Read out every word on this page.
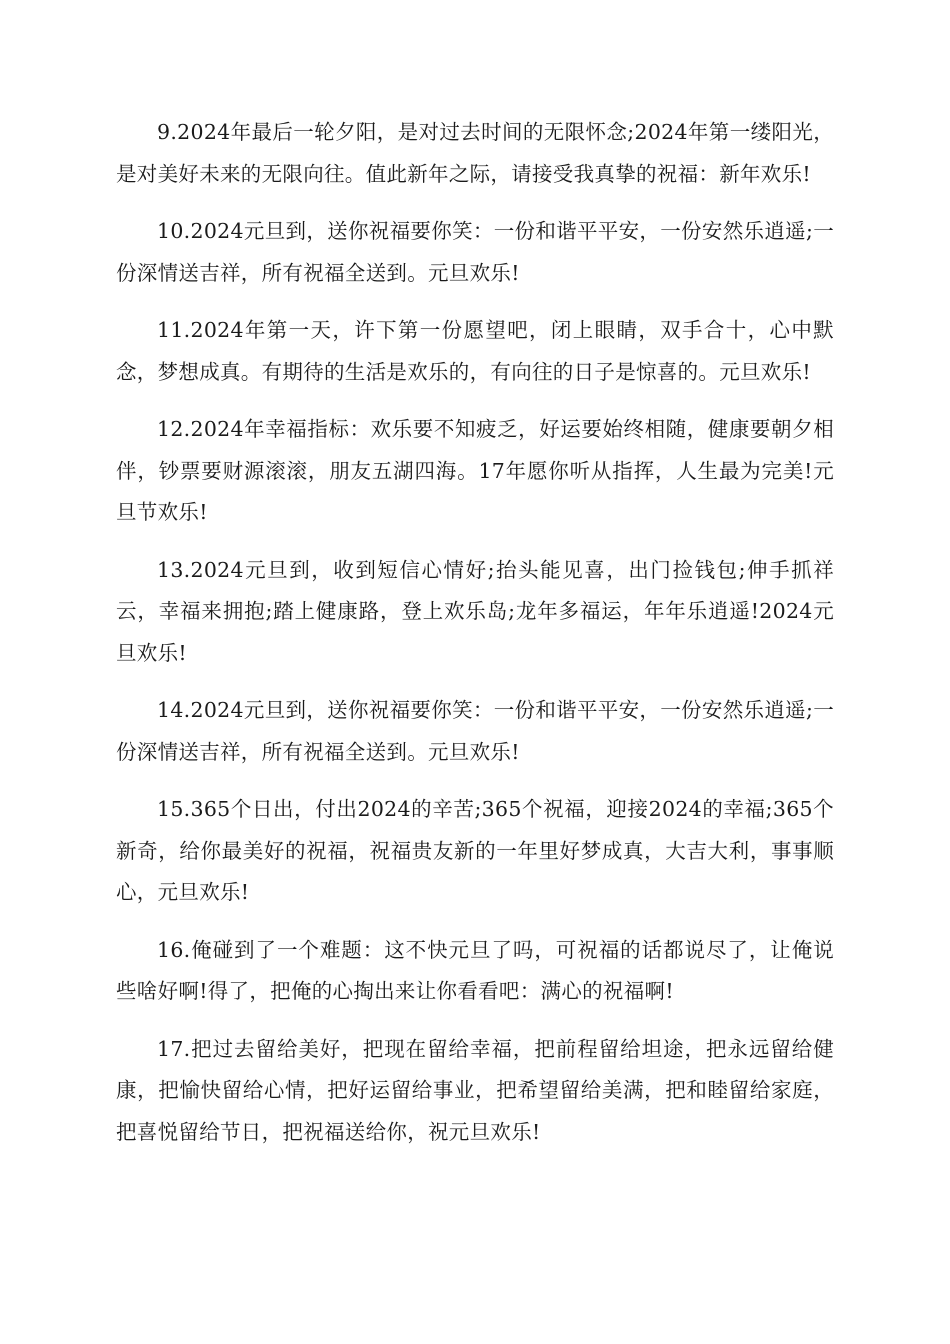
9.2024年最后一轮夕阳，是对过去时间的无限怀念;2024年第一缕阳光，是对美好未来的无限向往。值此新年之际，请接受我真挚的祝福：新年欢乐!

10.2024元旦到，送你祝福要你笑：一份和谐平平安，一份安然乐逍遥;一份深情送吉祥，所有祝福全送到。元旦欢乐!

11.2024年第一天，许下第一份愿望吧，闭上眼睛，双手合十，心中默念，梦想成真。有期待的生活是欢乐的，有向往的日子是惊喜的。元旦欢乐!

12.2024年幸福指标：欢乐要不知疲乏，好运要始终相随，健康要朝夕相伴，钞票要财源滚滚，朋友五湖四海。17年愿你听从指挥，人生最为完美!元旦节欢乐!

13.2024元旦到，收到短信心情好;抬头能见喜，出门捡钱包;伸手抓祥云，幸福来拥抱;踏上健康路，登上欢乐岛;龙年多福运，年年乐逍遥!2024元旦欢乐!

14.2024元旦到，送你祝福要你笑：一份和谐平平安，一份安然乐逍遥;一份深情送吉祥，所有祝福全送到。元旦欢乐!

15.365个日出，付出2024的辛苦;365个祝福，迎接2024的幸福;365个新奇，给你最美好的祝福，祝福贵友新的一年里好梦成真，大吉大利，事事顺心，元旦欢乐!

16.俺碰到了一个难题：这不快元旦了吗，可祝福的话都说尽了，让俺说些啥好啊!得了，把俺的心掏出来让你看看吧：满心的祝福啊!

17.把过去留给美好，把现在留给幸福，把前程留给坦途，把永远留给健康，把愉快留给心情，把好运留给事业，把希望留给美满，把和睦留给家庭，把喜悦留给节日，把祝福送给你，祝元旦欢乐!
